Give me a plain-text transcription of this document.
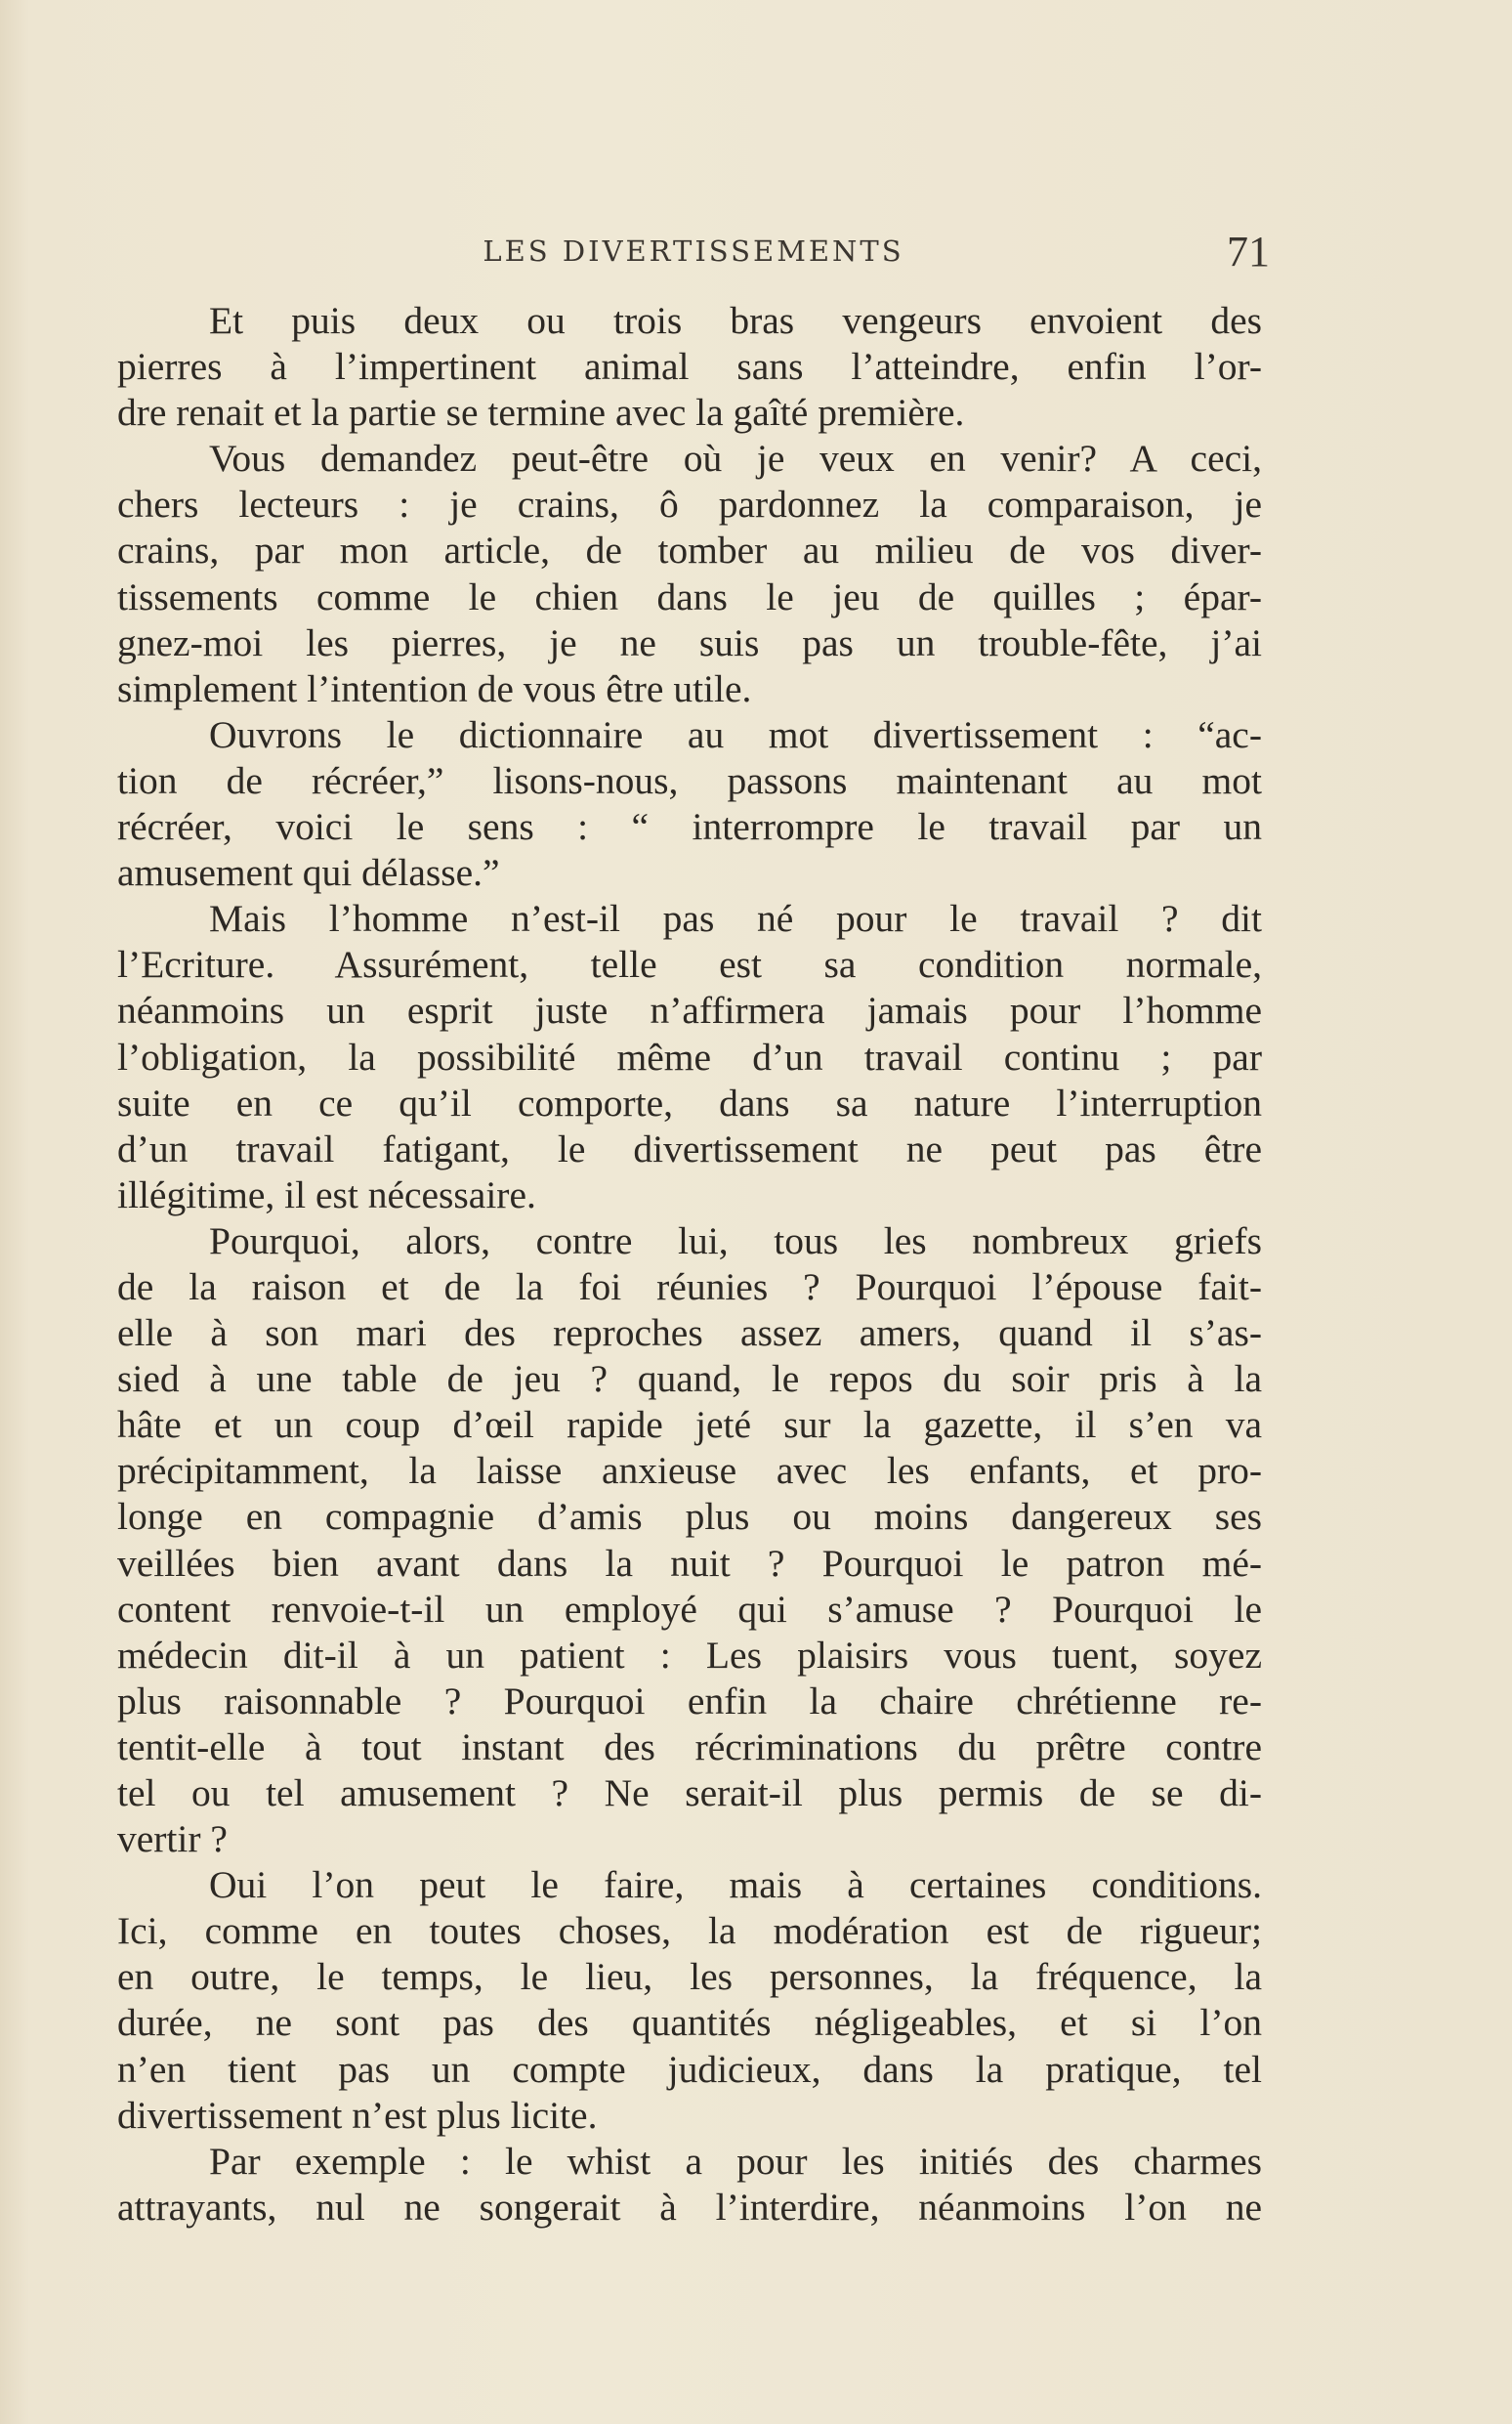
LES DIVERTISSEMENTS	71
Et puis deux ou trois bras vengeurs envoient des
pierres à l’impertinent animal sans l’atteindre, enfin l’or-
dre renait et la partie se termine avec la gaîté première.
Vous demandez peut-être où je veux en venir? A ceci,
chers lecteurs : je crains, ô pardonnez la comparaison, je
crains, par mon article, de tomber au milieu de vos diver-
tissements comme le chien dans le jeu de quilles ; épar-
gnez-moi les pierres, je ne suis pas un trouble-fête, j’ai
simplement l’intention de vous être utile.
Ouvrons le dictionnaire au mot divertissement : “ac-
tion de récréer,” lisons-nous, passons maintenant au mot
récréer, voici le sens : “ interrompre le travail par un
amusement qui délasse.”
Mais l’homme n’est-il pas né pour le travail ? dit
l’Ecriture. Assurément, telle est sa condition normale,
néanmoins un esprit juste n’affirmera jamais pour l’homme
l’obligation, la possibilité même d’un travail continu ; par
suite en ce qu’il comporte, dans sa nature l’interruption
d’un travail fatigant, le divertissement ne peut pas être
illégitime, il est nécessaire.
Pourquoi, alors, contre lui, tous les nombreux griefs
de la raison et de la foi réunies ? Pourquoi l’épouse fait-
elle à son mari des reproches assez amers, quand il s’as-
sied à une table de jeu ? quand, le repos du soir pris à la
hâte et un coup d’œil rapide jeté sur la gazette, il s’en va
précipitamment, la laisse anxieuse avec les enfants, et pro-
longe en compagnie d’amis plus ou moins dangereux ses
veillées bien avant dans la nuit ? Pourquoi le patron mé-
content renvoie-t-il un employé qui s’amuse ? Pourquoi le
médecin dit-il à un patient : Les plaisirs vous tuent, soyez
plus raisonnable ? Pourquoi enfin la chaire chrétienne re-
tentit-elle à tout instant des récriminations du prêtre contre
tel ou tel amusement ? Ne serait-il plus permis de se di-
vertir ?
Oui l’on peut le faire, mais à certaines conditions.
Ici, comme en toutes choses, la modération est de rigueur;
en outre, le temps, le lieu, les personnes, la fréquence, la
durée, ne sont pas des quantités négligeables, et si l’on
n’en tient pas un compte judicieux, dans la pratique, tel
divertissement n’est plus licite.
Par exemple : le whist a pour les initiés des charmes
attrayants, nul ne songerait à l’interdire, néanmoins l’on ne
